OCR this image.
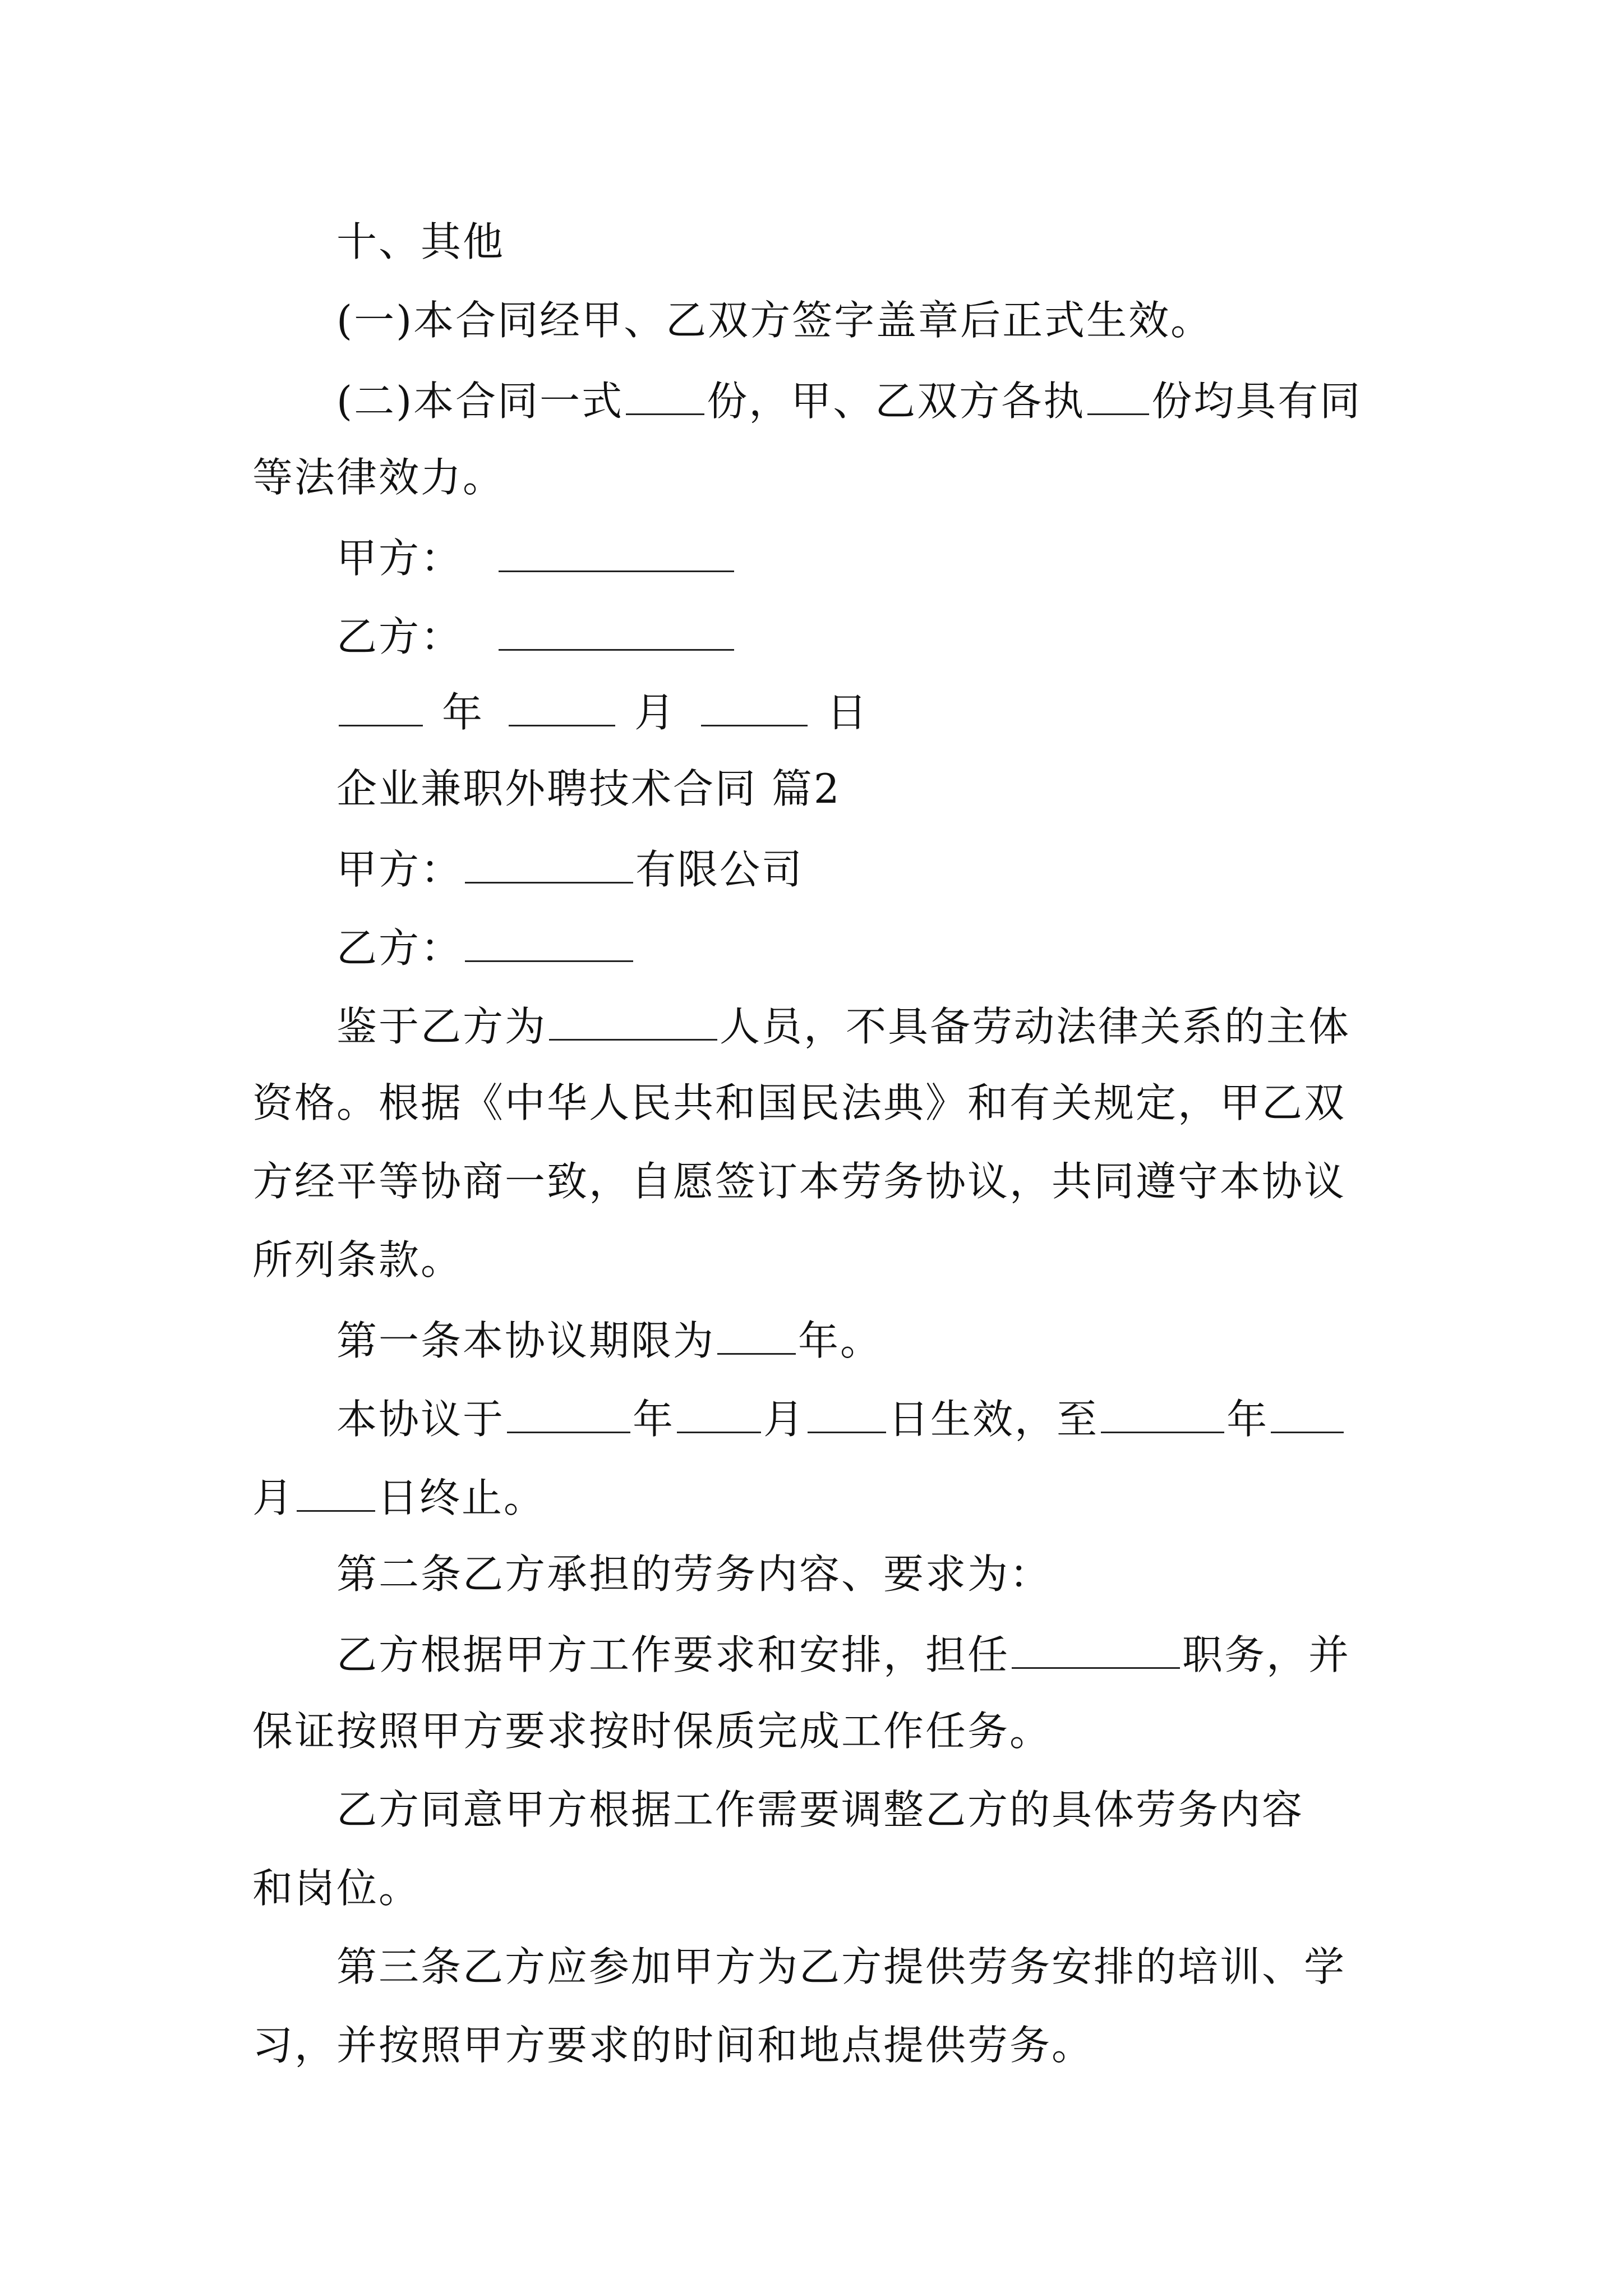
十、其他
(一)本合同经甲、乙双方签字盖章后正式生效。
(二)本合同一式 份，甲、乙双方各执 份均具有同
等法律效力。
甲方：
乙方：
年	月	日
企业兼职外聘技术合同 篇2
甲方：	有限公司
乙方：
鉴于乙方为	人员，不具备劳动法律关系的主体
资格。根据《中华人民共和国民法典》和有关规定，甲乙双
方经平等协商一致，自愿签订本劳务协议，共同遵守本协议
所列条款。
第一条本协议期限为 年。
本协议于	年 月 日生效，至	年
月 日终止。
第二条乙方承担的劳务内容、要求为：
乙方根据甲方工作要求和安排，担任	职务，并
保证按照甲方要求按时保质完成工作任务。
乙方同意甲方根据工作需要调整乙方的具体劳务内容
和岗位。
第三条乙方应参加甲方为乙方提供劳务安排的培训、学
习，并按照甲方要求的时间和地点提供劳务。
